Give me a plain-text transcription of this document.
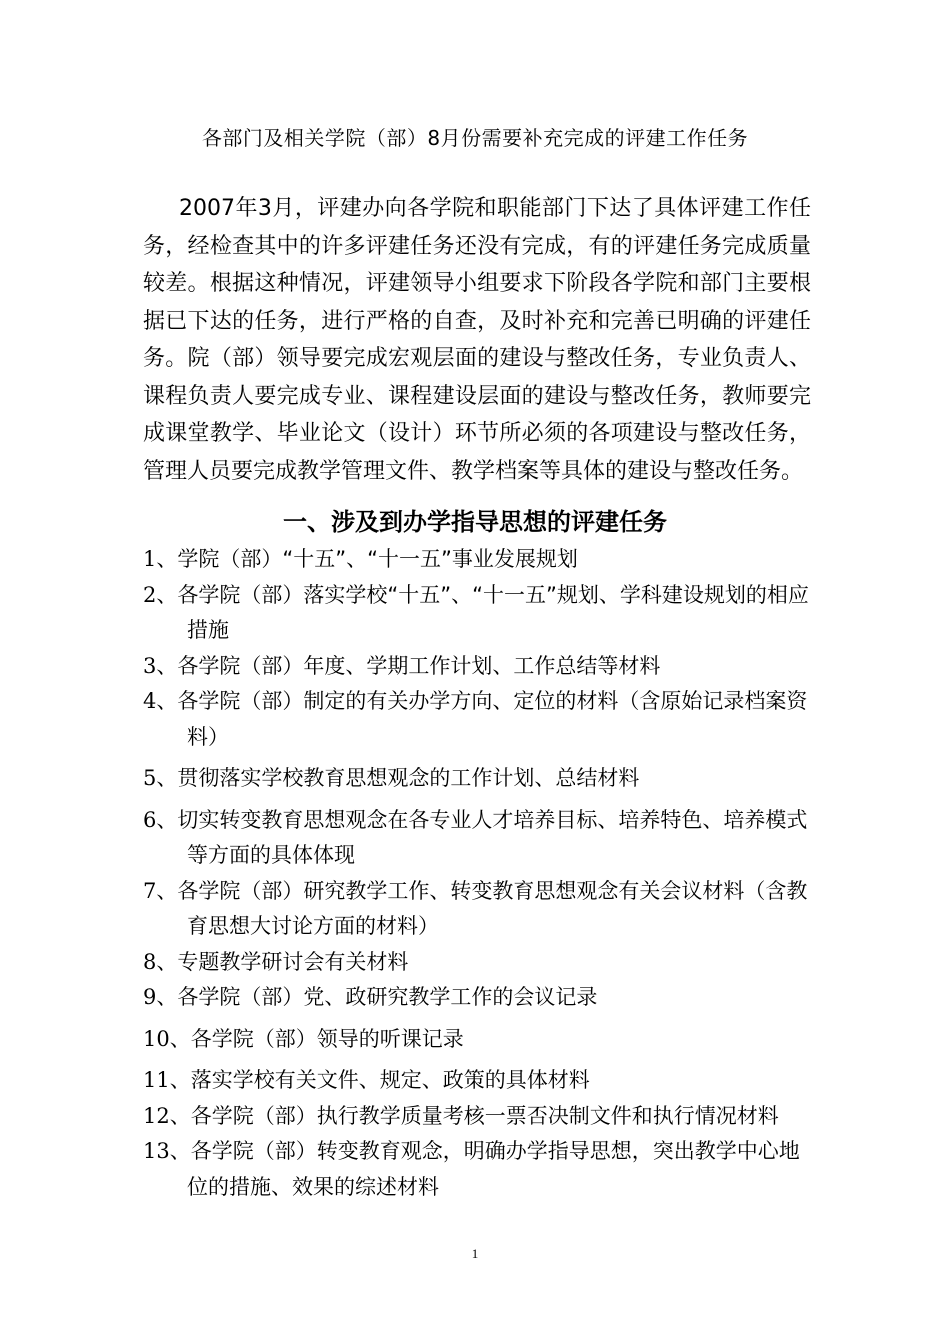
各部门及相关学院（部）8月份需要补充完成的评建工作任务

2007年3月，评建办向各学院和职能部门下达了具体评建工作任务，经检查其中的许多评建任务还没有完成，有的评建任务完成质量较差。根据这种情况，评建领导小组要求下阶段各学院和部门主要根据已下达的任务，进行严格的自查，及时补充和完善已明确的评建任务。院（部）领导要完成宏观层面的建设与整改任务，专业负责人、课程负责人要完成专业、课程建设层面的建设与整改任务，教师要完成课堂教学、毕业论文（设计）环节所必须的各项建设与整改任务，管理人员要完成教学管理文件、教学档案等具体的建设与整改任务。

一、涉及到办学指导思想的评建任务
1、学院（部）“十五”、“十一五”事业发展规划
2、各学院（部）落实学校“十五”、“十一五”规划、学科建设规划的相应措施
3、各学院（部）年度、学期工作计划、工作总结等材料
4、各学院（部）制定的有关办学方向、定位的材料（含原始记录档案资料）
5、贯彻落实学校教育思想观念的工作计划、总结材料
6、切实转变教育思想观念在各专业人才培养目标、培养特色、培养模式等方面的具体体现
7、各学院（部）研究教学工作、转变教育思想观念有关会议材料（含教育思想大讨论方面的材料）
8、专题教学研讨会有关材料
9、各学院（部）党、政研究教学工作的会议记录
10、各学院（部）领导的听课记录
11、落实学校有关文件、规定、政策的具体材料
12、各学院（部）执行教学质量考核一票否决制文件和执行情况材料
13、各学院（部）转变教育观念，明确办学指导思想，突出教学中心地位的措施、效果的综述材料
1
